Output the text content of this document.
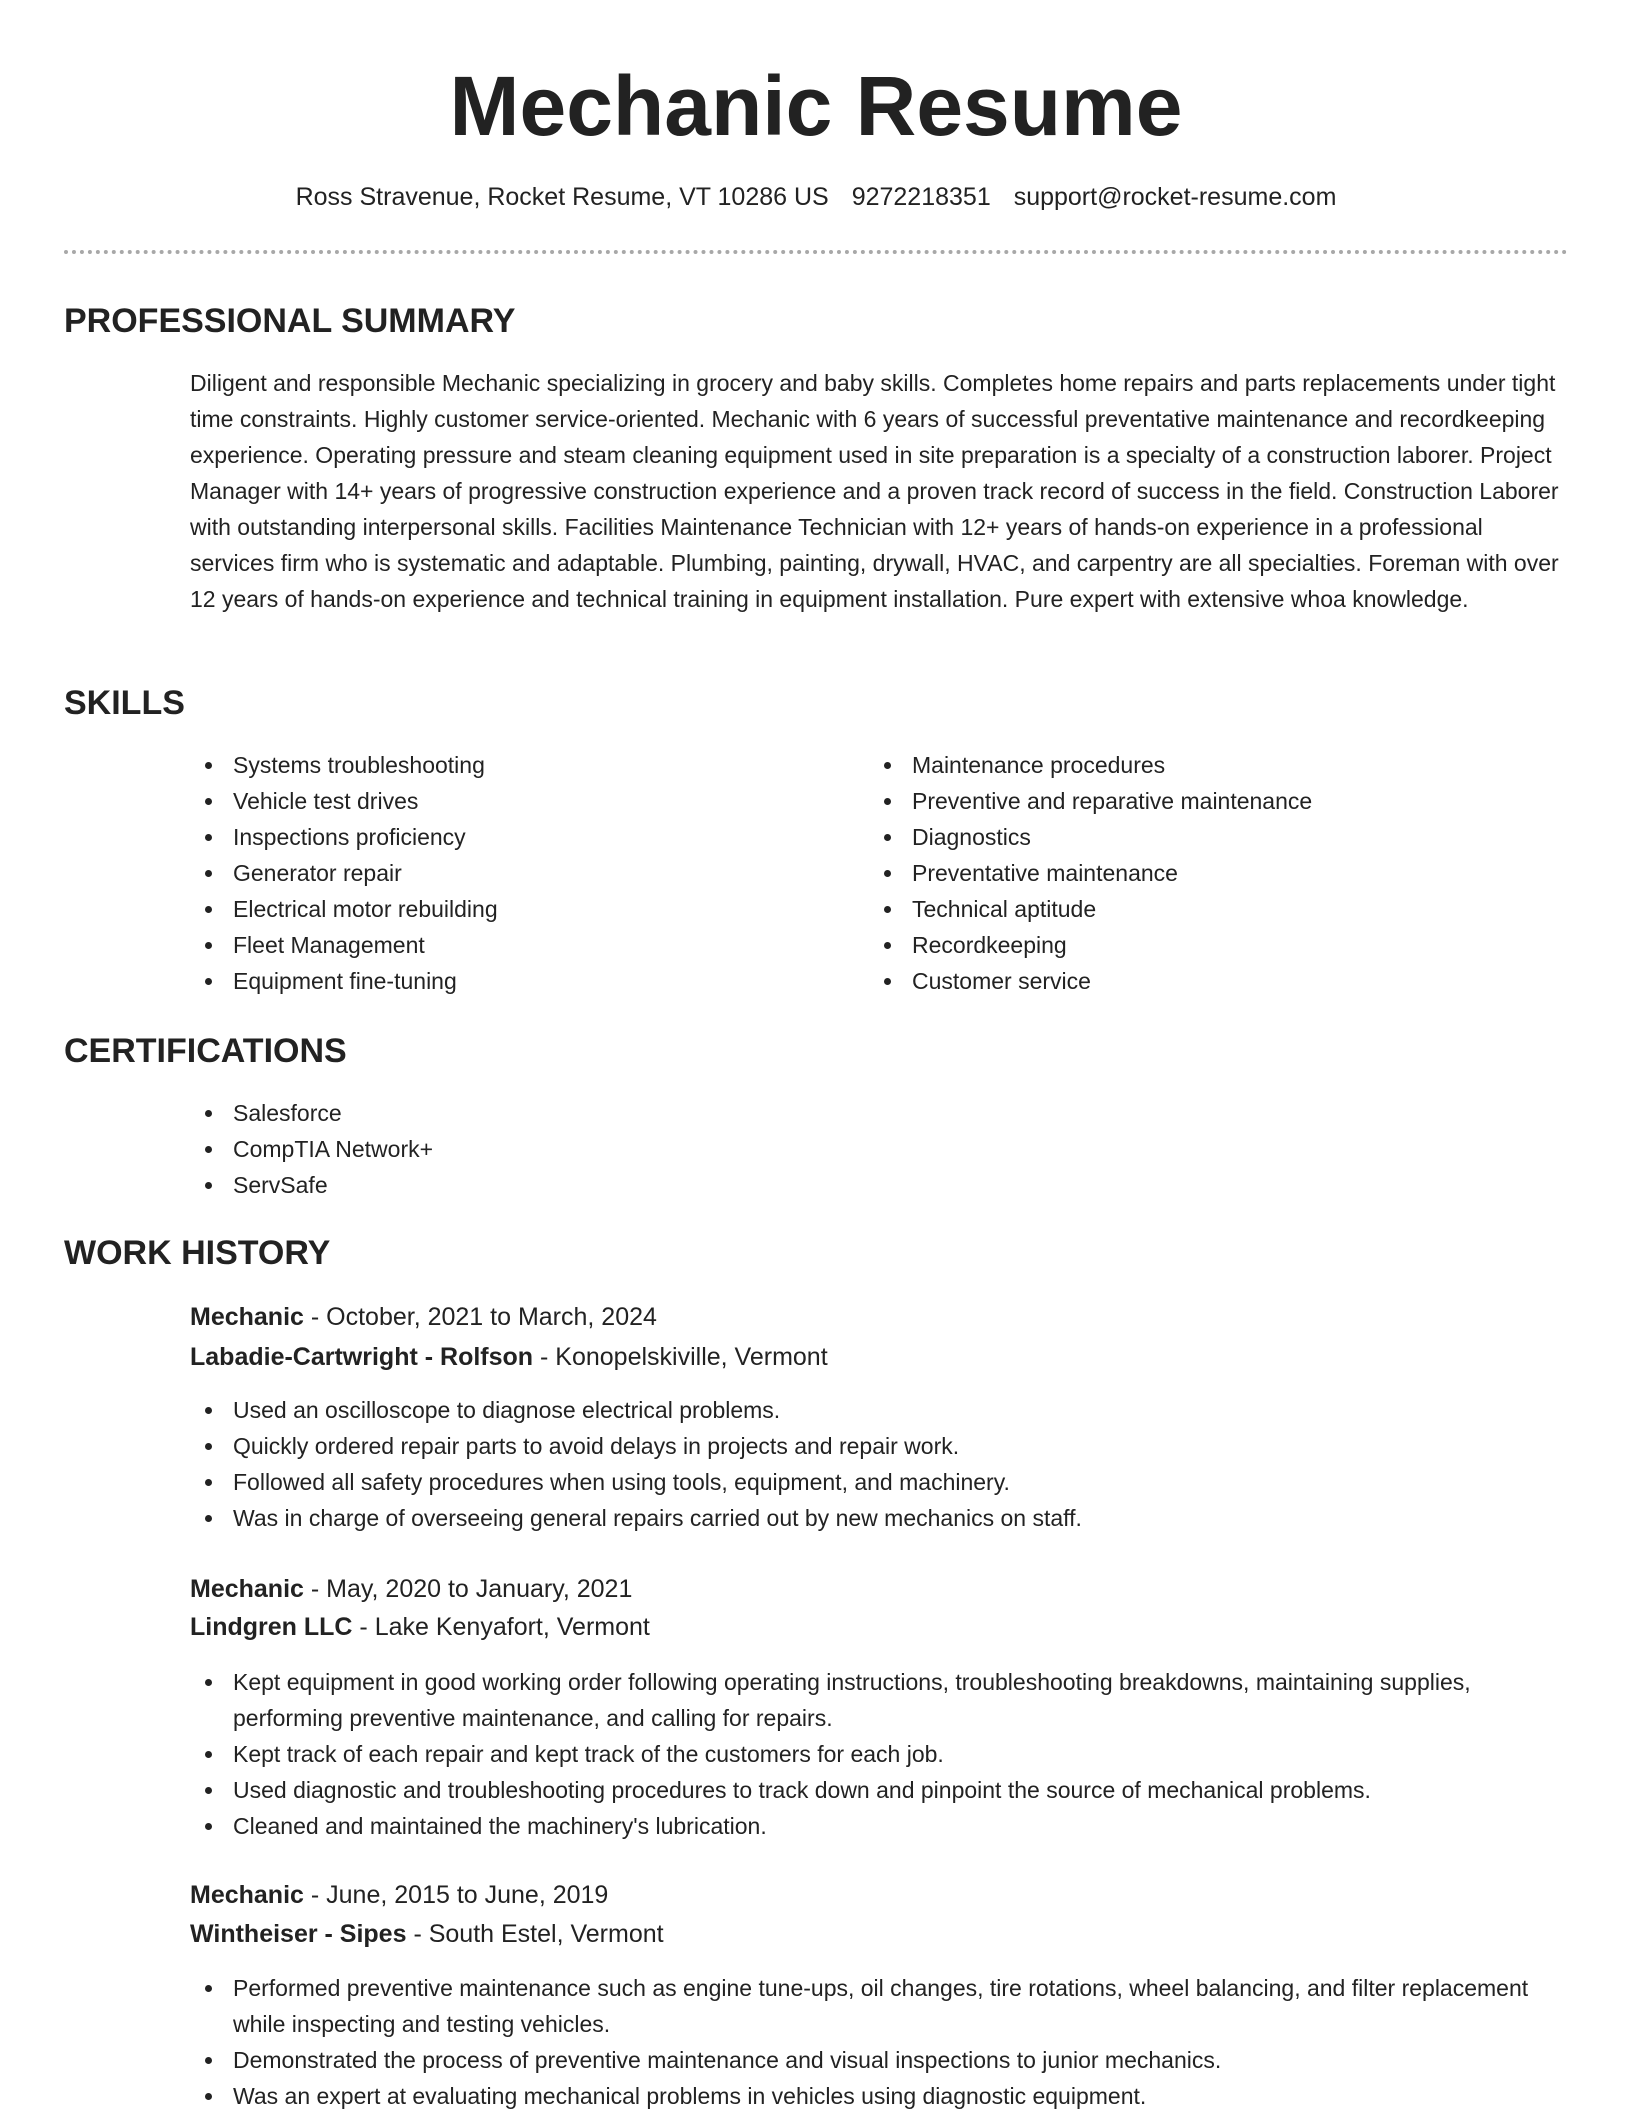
Mechanic Resume
Ross Stravenue, Rocket Resume, VT 10286 US 9272218351 support@rocket-resume.com
PROFESSIONAL SUMMARY

Diligent and responsible Mechanic specializing in grocery and baby skills. Completes home repairs and parts replacements under tight time constraints. Highly customer service-oriented. Mechanic with 6 years of successful preventative maintenance and recordkeeping experience. Operating pressure and steam cleaning equipment used in site preparation is a specialty of a construction laborer. Project Manager with 14+ years of progressive construction experience and a proven track record of success in the field. Construction Laborer with outstanding interpersonal skills. Facilities Maintenance Technician with 12+ years of hands-on experience in a professional services firm who is systematic and adaptable. Plumbing, painting, drywall, HVAC, and carpentry are all specialties. Foreman with over 12 years of hands-on experience and technical training in equipment installation. Pure expert with extensive whoa knowledge.

SKILLS
Systems troubleshooting
Vehicle test drives
Inspections proficiency
Generator repair
Electrical motor rebuilding
Fleet Management
Equipment fine-tuning
Maintenance procedures
Preventive and reparative maintenance
Diagnostics
Preventative maintenance
Technical aptitude
Recordkeeping
Customer service
CERTIFICATIONS
Salesforce
CompTIA Network+
ServSafe
WORK HISTORY
Mechanic - October, 2021 to March, 2024
Labadie-Cartwright - Rolfson - Konopelskiville, Vermont
Used an oscilloscope to diagnose electrical problems.
Quickly ordered repair parts to avoid delays in projects and repair work.
Followed all safety procedures when using tools, equipment, and machinery.
Was in charge of overseeing general repairs carried out by new mechanics on staff.
Mechanic - May, 2020 to January, 2021
Lindgren LLC - Lake Kenyafort, Vermont
Kept equipment in good working order following operating instructions, troubleshooting breakdowns, maintaining supplies, performing preventive maintenance, and calling for repairs.
Kept track of each repair and kept track of the customers for each job.
Used diagnostic and troubleshooting procedures to track down and pinpoint the source of mechanical problems.
Cleaned and maintained the machinery's lubrication.
Mechanic - June, 2015 to June, 2019
Wintheiser - Sipes - South Estel, Vermont
Performed preventive maintenance such as engine tune-ups, oil changes, tire rotations, wheel balancing, and filter replacement while inspecting and testing vehicles.
Demonstrated the process of preventive maintenance and visual inspections to junior mechanics.
Was an expert at evaluating mechanical problems in vehicles using diagnostic equipment.
